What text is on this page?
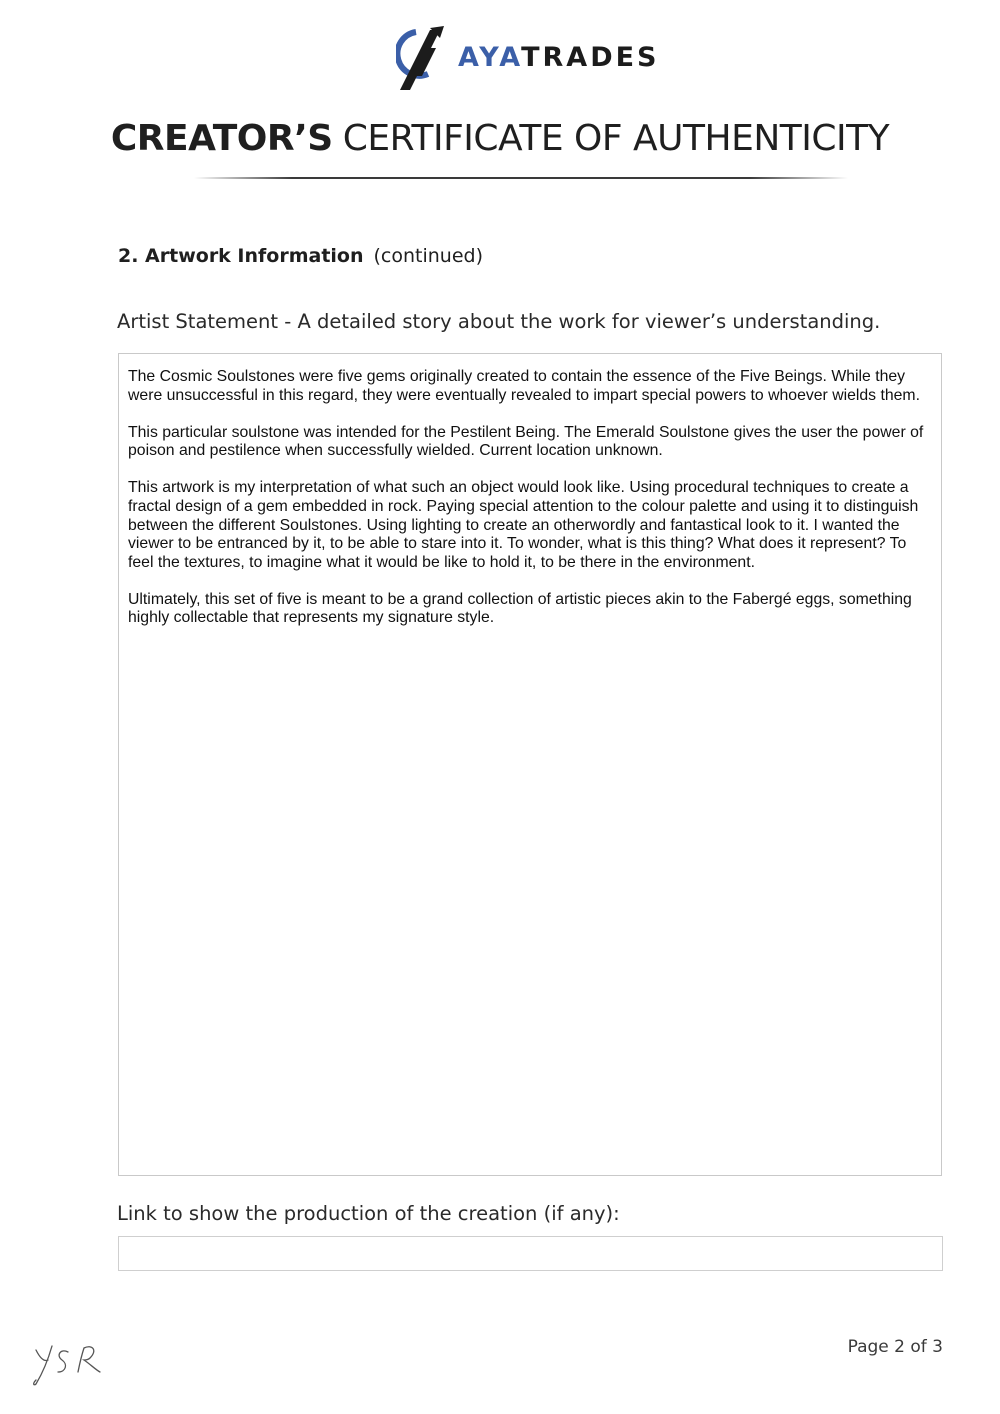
AYATRADES
CREATOR’S CERTIFICATE OF AUTHENTICITY
2. Artwork Information (continued)
Artist Statement - A detailed story about the work for viewer’s understanding.

The Cosmic Soulstones were five gems originally created to contain the essence of the Five Beings. While they were unsuccessful in this regard, they were eventually revealed to impart special powers to whoever wields them.

This particular soulstone was intended for the Pestilent Being. The Emerald Soulstone gives the user the power of poison and pestilence when successfully wielded. Current location unknown.

This artwork is my interpretation of what such an object would look like. Using procedural techniques to create a fractal design of a gem embedded in rock. Paying special attention to the colour palette and using it to distinguish between the different Soulstones. Using lighting to create an otherwordly and fantastical look to it. I wanted the viewer to be entranced by it, to be able to stare into it. To wonder, what is this thing? What does it represent? To feel the textures, to imagine what it would be like to hold it, to be there in the environment.

Ultimately, this set of five is meant to be a grand collection of artistic pieces akin to the Fabergé eggs, something highly collectable that represents my signature style.

Link to show the production of the creation (if any):
Page 2 of 3
